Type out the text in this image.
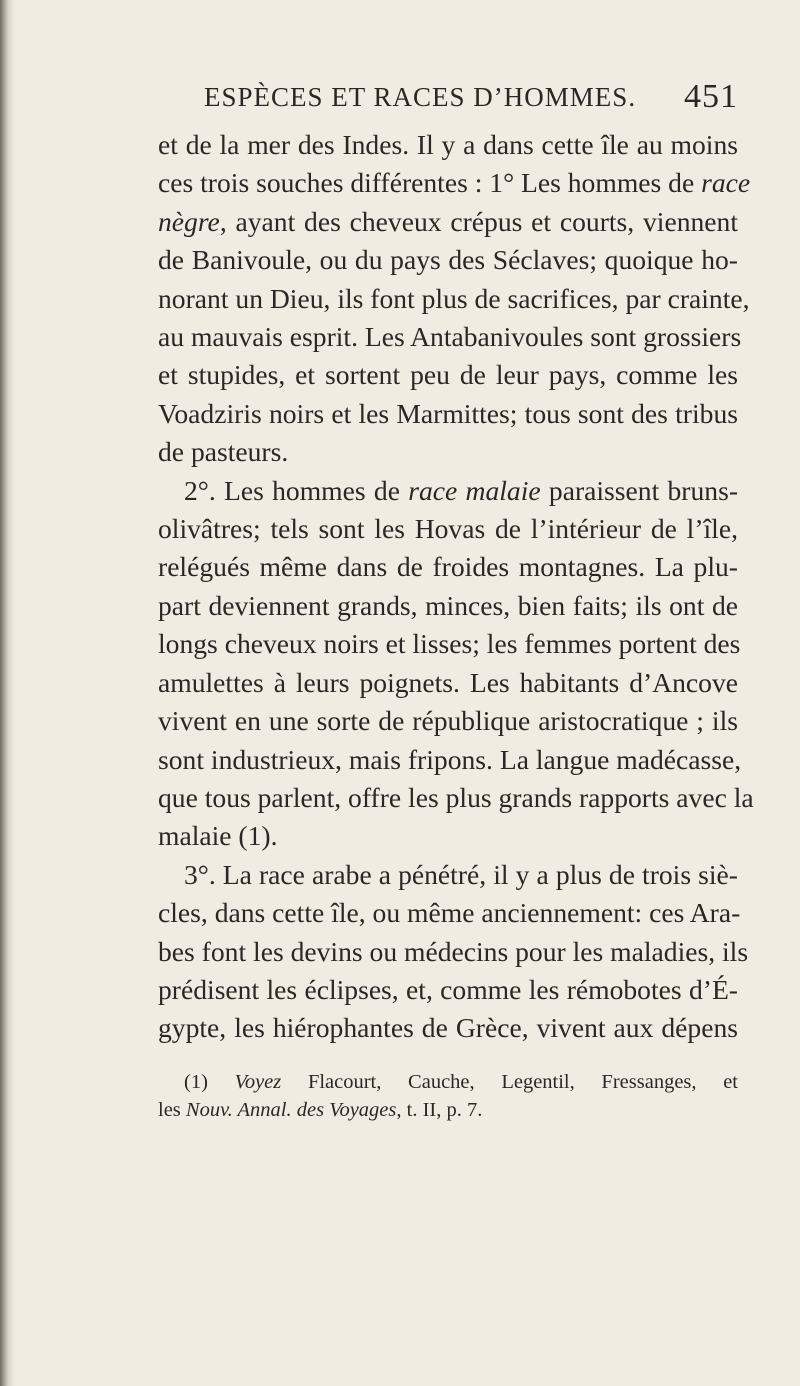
ESPÈCES ET RACES D’HOMMES. 451
et de la mer des Indes. Il y a dans cette île au moins
ces trois souches différentes : 1° Les hommes de race
nègre, ayant des cheveux crépus et courts, viennent
de Banivoule, ou du pays des Séclaves; quoique ho-
norant un Dieu, ils font plus de sacrifices, par crainte,
au mauvais esprit. Les Antabanivoules sont grossiers
et stupides, et sortent peu de leur pays, comme les
Voadziris noirs et les Marmittes; tous sont des tribus
de pasteurs.
2°. Les hommes de race malaie paraissent bruns-
olivâtres; tels sont les Hovas de l’intérieur de l’île,
relégués même dans de froides montagnes. La plu-
part deviennent grands, minces, bien faits; ils ont de
longs cheveux noirs et lisses; les femmes portent des
amulettes à leurs poignets. Les habitants d’Ancove
vivent en une sorte de république aristocratique ; ils
sont industrieux, mais fripons. La langue madécasse,
que tous parlent, offre les plus grands rapports avec la
malaie (1).
3°. La race arabe a pénétré, il y a plus de trois siè-
cles, dans cette île, ou même anciennement: ces Ara-
bes font les devins ou médecins pour les maladies, ils
prédisent les éclipses, et, comme les rémobotes d’É-
gypte, les hiérophantes de Grèce, vivent aux dépens
(1) Voyez Flacourt, Cauche, Legentil, Fressanges, et
les Nouv. Annal. des Voyages, t. II, p. 7.
